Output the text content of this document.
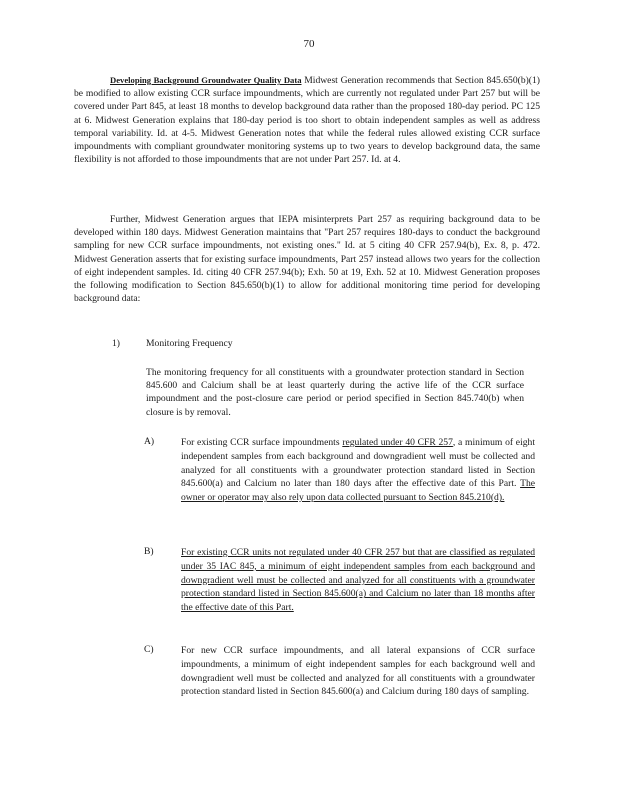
70

Developing Background Groundwater Quality Data Midwest Generation recommends that Section 845.650(b)(1) be modified to allow existing CCR surface impoundments, which are currently not regulated under Part 257 but will be covered under Part 845, at least 18 months to develop background data rather than the proposed 180-day period. PC 125 at 6. Midwest Generation explains that 180-day period is too short to obtain independent samples as well as address temporal variability. Id. at 4-5. Midwest Generation notes that while the federal rules allowed existing CCR surface impoundments with compliant groundwater monitoring systems up to two years to develop background data, the same flexibility is not afforded to those impoundments that are not under Part 257. Id. at 4.

Further, Midwest Generation argues that IEPA misinterprets Part 257 as requiring background data to be developed within 180 days. Midwest Generation maintains that "Part 257 requires 180-days to conduct the background sampling for new CCR surface impoundments, not existing ones." Id. at 5 citing 40 CFR 257.94(b), Ex. 8, p. 472. Midwest Generation asserts that for existing surface impoundments, Part 257 instead allows two years for the collection of eight independent samples. Id. citing 40 CFR 257.94(b); Exh. 50 at 19, Exh. 52 at 10. Midwest Generation proposes the following modification to Section 845.650(b)(1) to allow for additional monitoring time period for developing background data:

1)	Monitoring Frequency

The monitoring frequency for all constituents with a groundwater protection standard in Section 845.600 and Calcium shall be at least quarterly during the active life of the CCR surface impoundment and the post-closure care period or period specified in Section 845.740(b) when closure is by removal.

A)	For existing CCR surface impoundments regulated under 40 CFR 257, a minimum of eight independent samples from each background and downgradient well must be collected and analyzed for all constituents with a groundwater protection standard listed in Section 845.600(a) and Calcium no later than 180 days after the effective date of this Part. The owner or operator may also rely upon data collected pursuant to Section 845.210(d).

B)	For existing CCR units not regulated under 40 CFR 257 but that are classified as regulated under 35 IAC 845, a minimum of eight independent samples from each background and downgradient well must be collected and analyzed for all constituents with a groundwater protection standard listed in Section 845.600(a) and Calcium no later than 18 months after the effective date of this Part.

C)	For new CCR surface impoundments, and all lateral expansions of CCR surface impoundments, a minimum of eight independent samples for each background well and downgradient well must be collected and analyzed for all constituents with a groundwater protection standard listed in Section 845.600(a) and Calcium during 180 days of sampling.
